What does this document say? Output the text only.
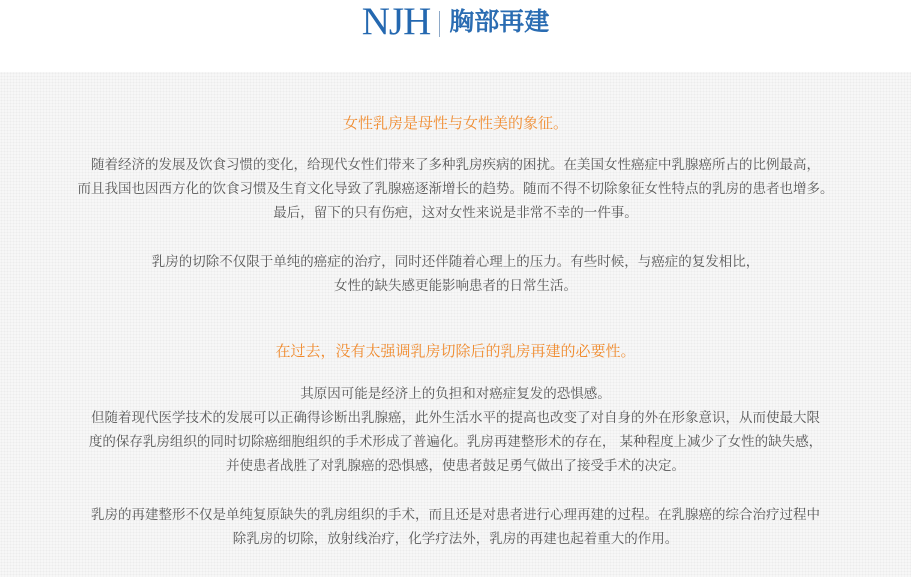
NJH 胸部再建
女性乳房是母性与女性美的象征。

随着经济的发展及饮食习惯的变化，给现代女性们带来了多种乳房疾病的困扰。在美国女性癌症中乳腺癌所占的比例最高，

而且我国也因西方化的饮食习惯及生育文化导致了乳腺癌逐渐增长的趋势。随而不得不切除象征女性特点的乳房的患者也增多。

最后，留下的只有伤疤，这对女性来说是非常不幸的一件事。

乳房的切除不仅限于单纯的癌症的治疗，同时还伴随着心理上的压力。有些时候，与癌症的复发相比，

女性的缺失感更能影响患者的日常生活。

在过去，没有太强调乳房切除后的乳房再建的必要性。

其原因可能是经济上的负担和对癌症复发的恐惧感。

但随着现代医学技术的发展可以正确得诊断出乳腺癌，此外生活水平的提高也改变了对自身的外在形象意识，从而使最大限

度的保存乳房组织的同时切除癌细胞组织的手术形成了普遍化。乳房再建整形术的存在， 某种程度上减少了女性的缺失感，

并使患者战胜了对乳腺癌的恐惧感，使患者鼓足勇气做出了接受手术的决定。

乳房的再建整形不仅是单纯复原缺失的乳房组织的手术，而且还是对患者进行心理再建的过程。在乳腺癌的综合治疗过程中

除乳房的切除，放射线治疗，化学疗法外，乳房的再建也起着重大的作用。
